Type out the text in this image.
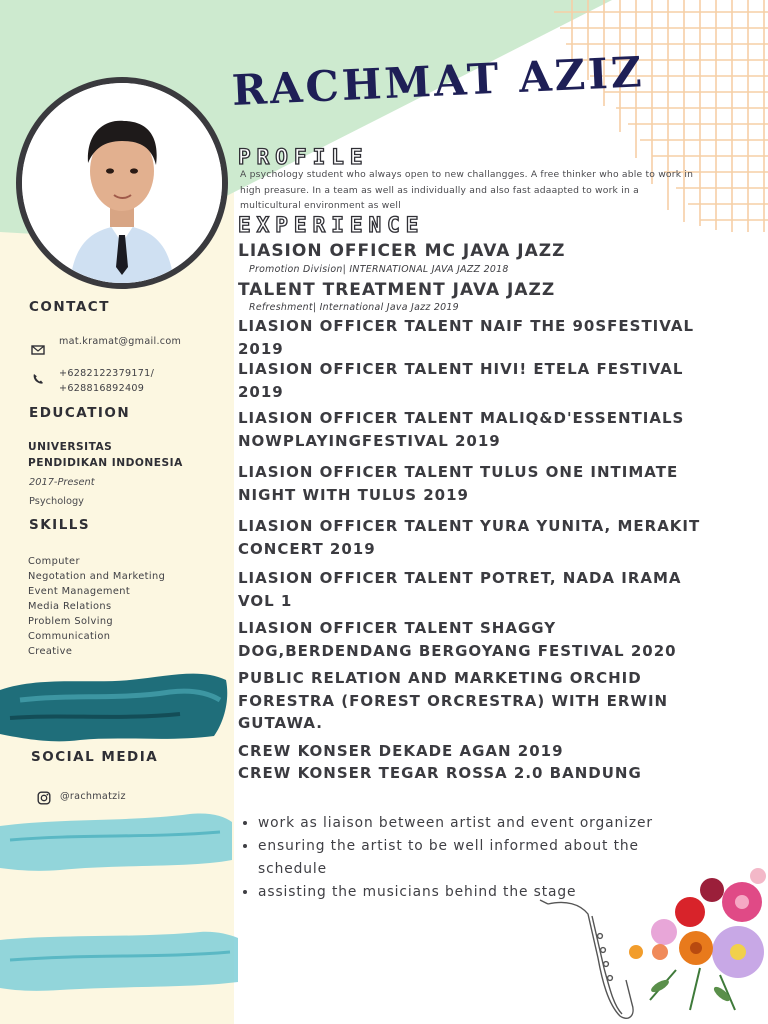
RACHMAT AZIZ
PROFILE
A psychology student who always open to new challangges. A free thinker who able to work in high preasure. In a team as well as individually and also fast adaapted to work in a multicultural environment as well
EXPERIENCE
LIASION OFFICER MC JAVA JAZZ
Promotion Division| INTERNATIONAL JAVA JAZZ 2018
TALENT TREATMENT JAVA JAZZ
Refreshment| International Java Jazz 2019
LIASION OFFICER TALENT NAIF THE 90SFESTIVAL 2019
LIASION OFFICER TALENT HIVI! ETELA FESTIVAL 2019
LIASION OFFICER TALENT MALIQ&D'ESSENTIALS NOWPLAYINGFESTIVAL 2019
LIASION OFFICER TALENT TULUS ONE INTIMATE NIGHT WITH TULUS 2019
LIASION OFFICER TALENT YURA YUNITA, MERAKIT CONCERT 2019
LIASION OFFICER TALENT POTRET, NADA IRAMA VOL 1
LIASION OFFICER TALENT SHAGGY DOG,BERDENDANG BERGOYANG FESTIVAL 2020
PUBLIC RELATION AND MARKETING ORCHID FORESTRA (FOREST ORCRESTRA) WITH ERWIN GUTAWA.
CREW KONSER DEKADE AGAN 2019
CREW KONSER TEGAR ROSSA 2.0 BANDUNG
• work as liaison between artist and event organizer
• ensuring the artist to be well informed about the schedule
• assisting the musicians behind the stage
CONTACT
mat.kramat@gmail.com
+6282122379171/
+628816892409
EDUCATION
UNIVERSITAS
PENDIDIKAN INDONESIA
2017-Present
Psychology
SKILLS
Computer
Negotation and Marketing
Event Management
Media Relations
Problem Solving
Communication
Creative
SOCIAL MEDIA
@rachmatziz
